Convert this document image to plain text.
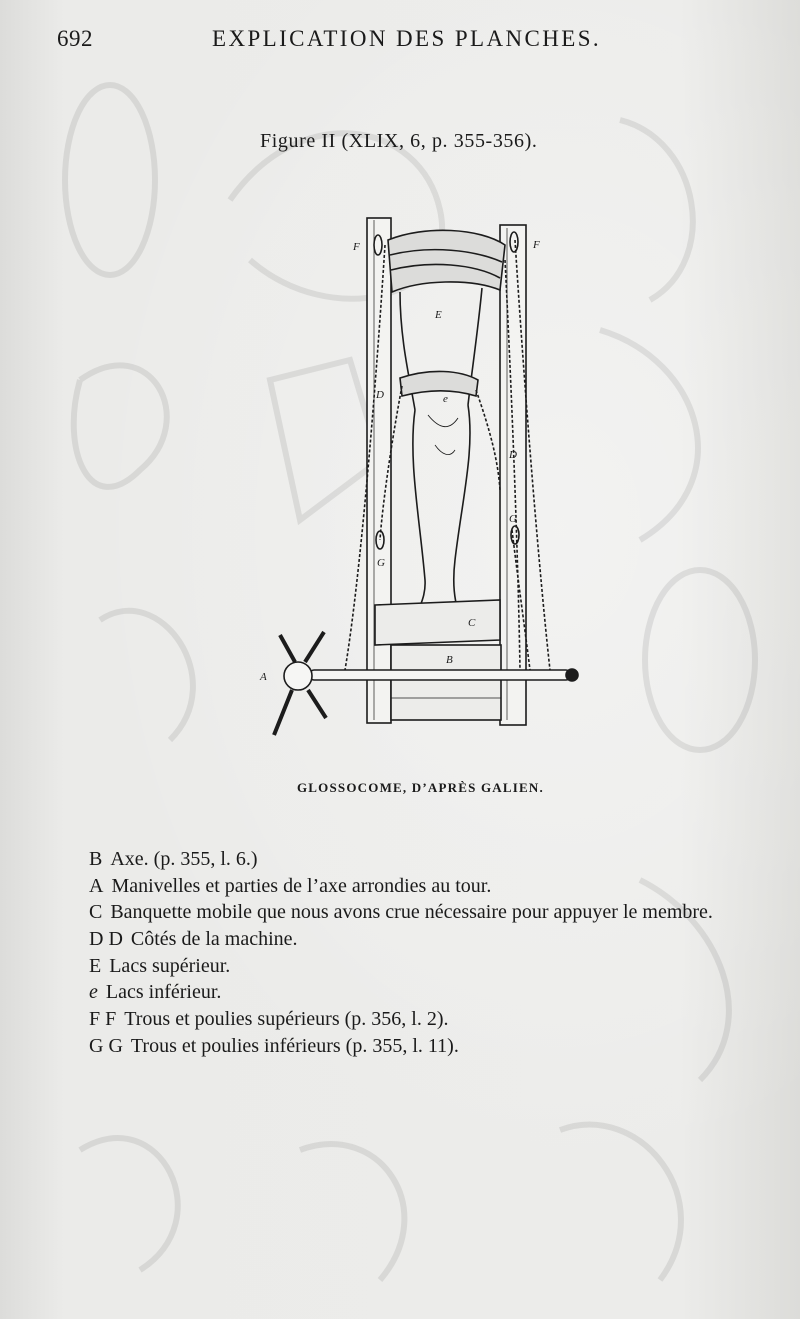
692	EXPLICATION DES PLANCHES.
Figure II (XLIX, 6, p. 355-356).
F	F
E
e
D
D
G
G
C
B
A
GLOSSOCOME, D’APRÈS GALIEN.
B Axe. (p. 355, l. 6.)
A Manivelles et parties de l’axe arrondies au tour.
C Banquette mobile que nous avons crue nécessaire pour appuyer le membre.
D D Côtés de la machine.
E Lacs supérieur.
e Lacs inférieur.
F F Trous et poulies supérieurs (p. 356, l. 2).
G G Trous et poulies inférieurs (p. 355, l. 11).
